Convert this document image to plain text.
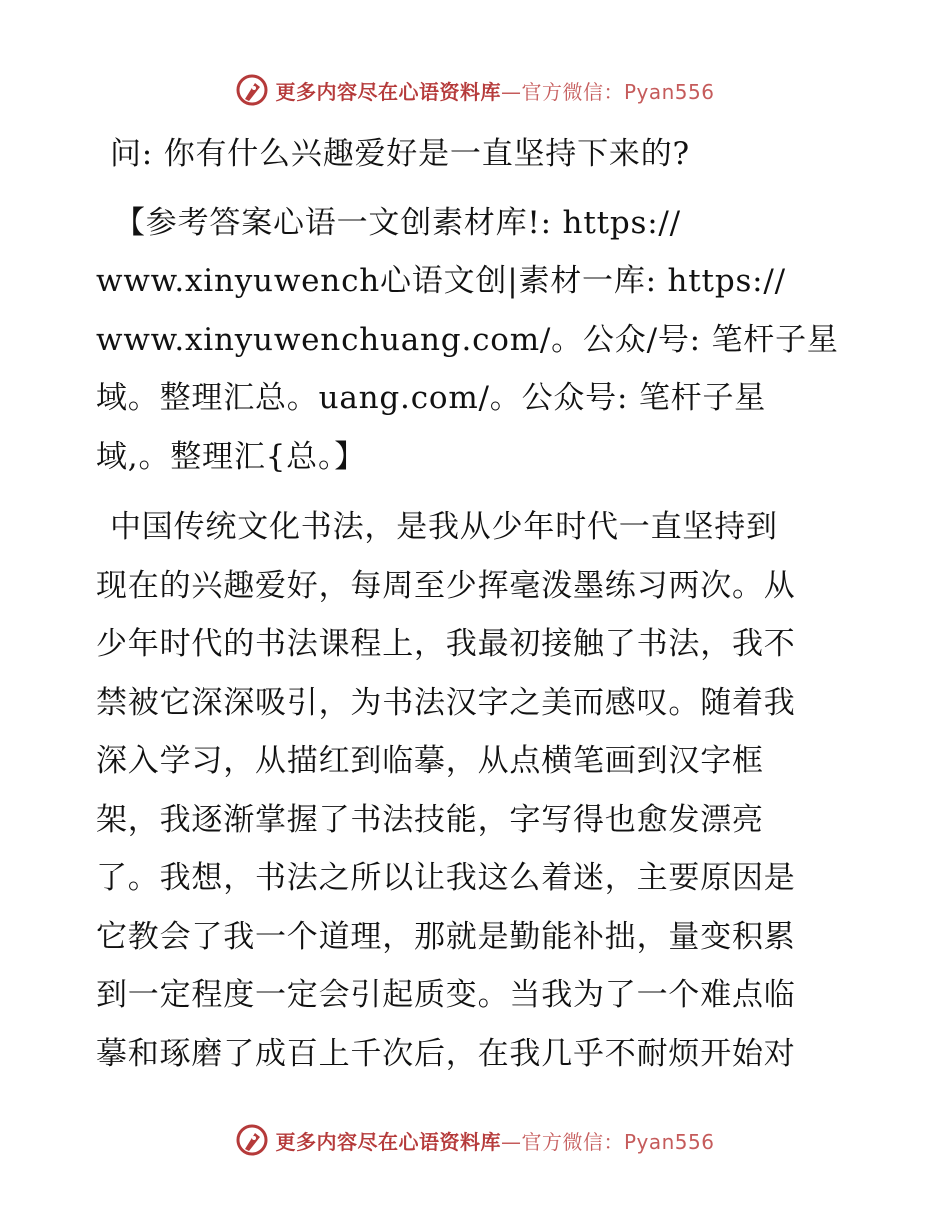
更多内容尽在心语资料库—官方微信：Pyan556

问: 你有什么兴趣爱好是一直坚持下来的?

【参考答案心语一文创素材库!: https://
www.xinyuwench心语文创|素材一库: https://
www.xinyuwenchuang.com/。公众/号: 笔杆子星
域。整理汇总。uang.com/。公众号: 笔杆子星
域,。整理汇{总。】

中国传统文化书法，是我从少年时代一直坚持到
现在的兴趣爱好，每周至少挥毫泼墨练习两次。从
少年时代的书法课程上，我最初接触了书法，我不
禁被它深深吸引，为书法汉字之美而感叹。随着我
深入学习，从描红到临摹，从点横笔画到汉字框
架，我逐渐掌握了书法技能，字写得也愈发漂亮
了。我想，书法之所以让我这么着迷，主要原因是
它教会了我一个道理，那就是勤能补拙，量变积累
到一定程度一定会引起质变。当我为了一个难点临
摹和琢磨了成百上千次后，在我几乎不耐烦开始对

更多内容尽在心语资料库—官方微信：Pyan556
